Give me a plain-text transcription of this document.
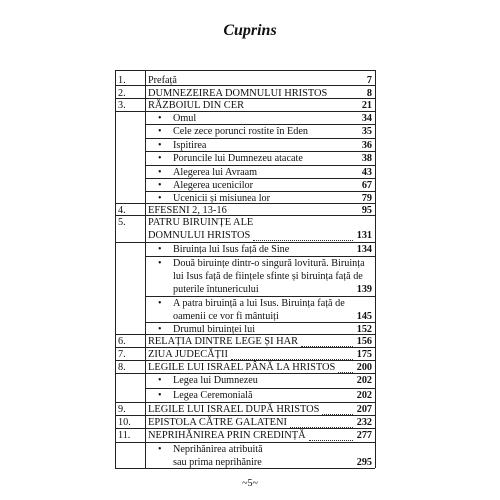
Cuprins
1. Prefață	7
2. DUMNEZEIREA DOMNULUI HRISTOS	8
3. RĂZBOIUL DIN CER	21
• Omul	34
• Cele zece porunci rostite în Eden	35
• Ispitirea	36
• Poruncile lui Dumnezeu atacate	38
• Alegerea lui Avraam	43
• Alegerea ucenicilor	67
• Ucenicii și misiunea lor	79
4. EFESENI 2, 13-16	95
5. PATRU BIRUINȚE ALE
DOMNULUI HRISTOS	131
• Biruința lui Isus față de Sine	134
• Două biruințe dintr-o singură lovitură. Biruința
lui Isus față de ființele sfinte și biruința față de
puterile întunericului	139
• A patra biruință a lui Isus. Biruința față de
oamenii ce vor fi mântuiți	145
• Drumul biruinței lui	152
6. RELAȚIA DINTRE LEGE ȘI HAR	156
7. ZIUA JUDECĂȚII	175
8. LEGILE LUI ISRAEL PÂNĂ LA HRISTOS 200
• Legea lui Dumnezeu	202
• Legea Ceremonială	202
9. LEGILE LUI ISRAEL DUPĂ HRISTOS	207
10. EPISTOLA CĂTRE GALATENI	232
11. NEPRIHĂNIREA PRIN CREDINȚĂ	277
• Neprihănirea atribuită
sau prima neprihănire	295
~5~
